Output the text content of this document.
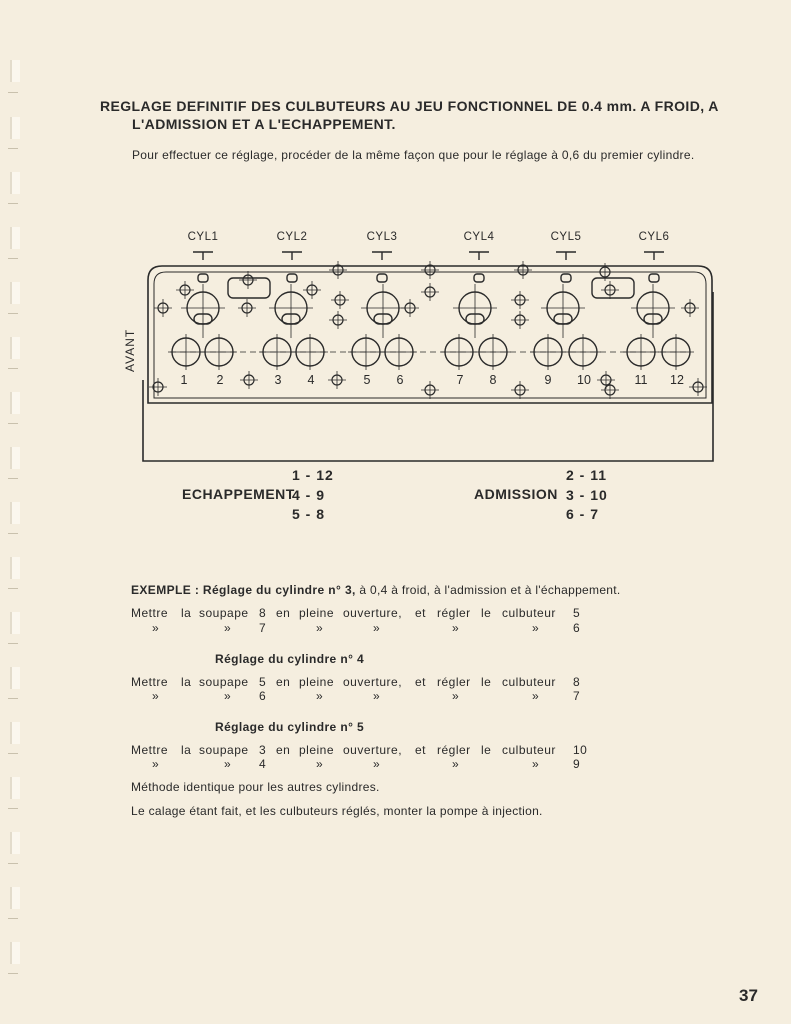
REGLAGE DEFINITIF DES CULBUTEURS AU JEU FONCTIONNEL DE 0.4 mm. A FROID, A
L'ADMISSION ET A L'ECHAPPEMENT.
Pour effectuer ce réglage, procéder de la même façon que pour le réglage à 0,6 du premier cylindre.
CYL1	CYL2	CYL3	CYL4	CYL5	CYL6
1 2	3 4	5 6	7 8	9 10	11 12
AVANT
ECHAPPEMENT
1 - 12
4 - 9
5 - 8
ADMISSION
2 - 11
3 - 10
6 - 7
EXEMPLE : Réglage du cylindre n° 3, à 0,4 à froid, à l'admission et à l'échappement.
Mettre la soupape 8 en pleine ouverture, et régler le culbuteur 5
»	» 7	»	»	»	»	6
Mettre la soupape 5 en pleine ouverture, et régler le culbuteur 8
»	» 6	»	»	»	»	7
Mettre la soupape 3 en pleine ouverture, et régler le culbuteur 10
»	» 4	»	»	»	»	9
Réglage du cylindre n° 4
Réglage du cylindre n° 5
Méthode identique pour les autres cylindres.
Le calage étant fait, et les culbuteurs réglés, monter la pompe à injection.
37
